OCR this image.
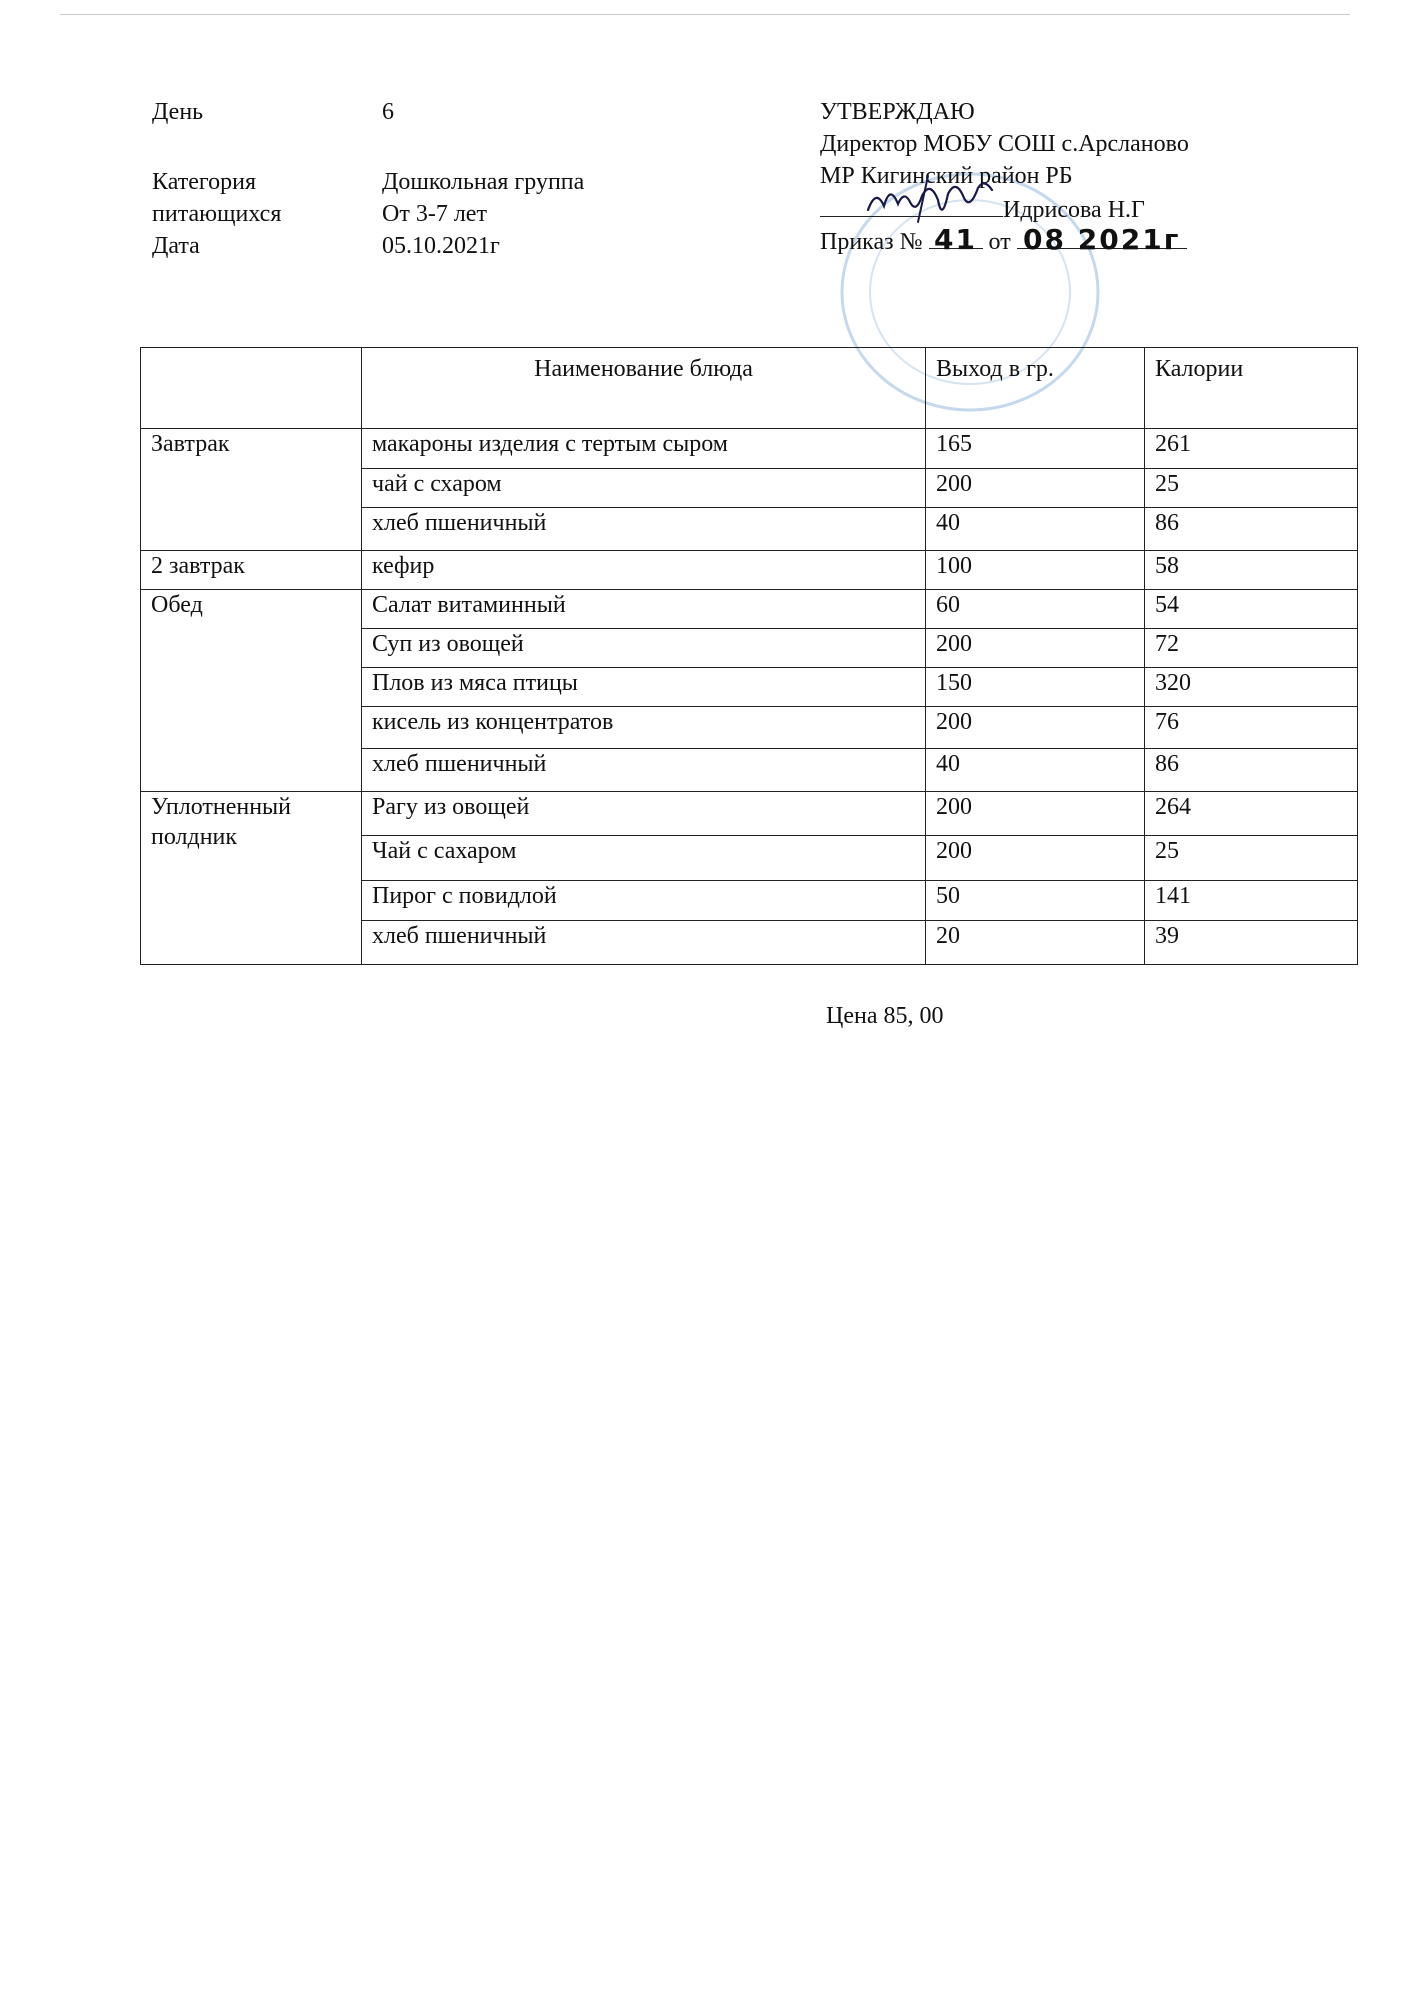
День	6
Категория
питающихся
Дошкольная группа
От 3-7 лет
Дата	05.10.2021г
УТВЕРЖДАЮ
Директор МОБУ СОШ с.Арсланово
МР Кигинский район РБ
Идрисова Н.Г
Приказ № 41 от 08 2021г
	Наименование блюда	Выход в гр.	Калории
Завтрак	макароны изделия с тертым сыром	165	261
	чай с схаром	200	25
	хлеб пшеничный	40	86
2 завтрак	кефир	100	58
Обед	Салат витаминный	60	54
	Суп из овощей	200	72
	Плов из мяса птицы	150	320
	кисель из концентратов	200	76
	хлеб пшеничный	40	86
Уплотненный полдник	Рагу из овощей	200	264
	Чай с сахаром	200	25
	Пирог с повидлой	50	141
	хлеб пшеничный	20	39
Цена 85, 00
